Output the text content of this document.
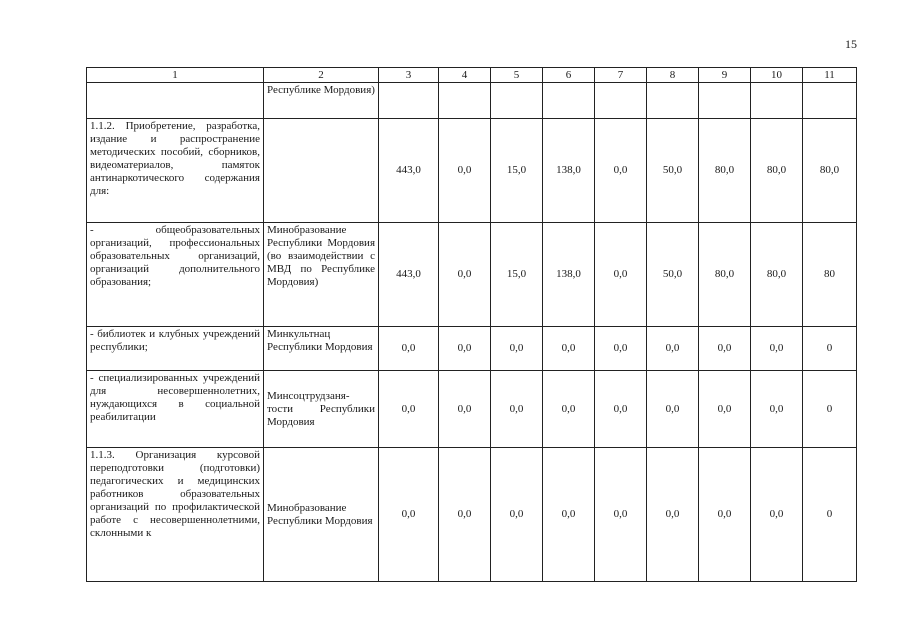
15
1	2	3	4	5	6	7	8	9	10	11
	Республике Мордовия)									
1.1.2. Приобретение, разработка, издание и распространение методических пособий, сборников, видеоматериалов, памяток антинаркотического содержания для:		443,0	0,0	15,0	138,0	0,0	50,0	80,0	80,0	80,0
- общеобразовательных организаций, профессиональных образовательных организаций, организаций дополнительного образования;	Минобразование Республики Мордовия (во взаимодействии с МВД по Республике Мордовия)	443,0	0,0	15,0	138,0	0,0	50,0	80,0	80,0	80
- библиотек и клубных учреждений республики;	Минкультнац Республики Мордовия	0,0	0,0	0,0	0,0	0,0	0,0	0,0	0,0	0
- специализированных учреждений для несовершеннолетних, нуждающихся в социальной реабилитации	Минсоцтрудзаня-тости Республики Мордовия	0,0	0,0	0,0	0,0	0,0	0,0	0,0	0,0	0
1.1.3. Организация курсовой переподготовки (подготовки) педагогических и медицинских работников образовательных организаций по профилактической работе с несовершеннолетними, склонными к	Минобразование Республики Мордовия	0,0	0,0	0,0	0,0	0,0	0,0	0,0	0,0	0
